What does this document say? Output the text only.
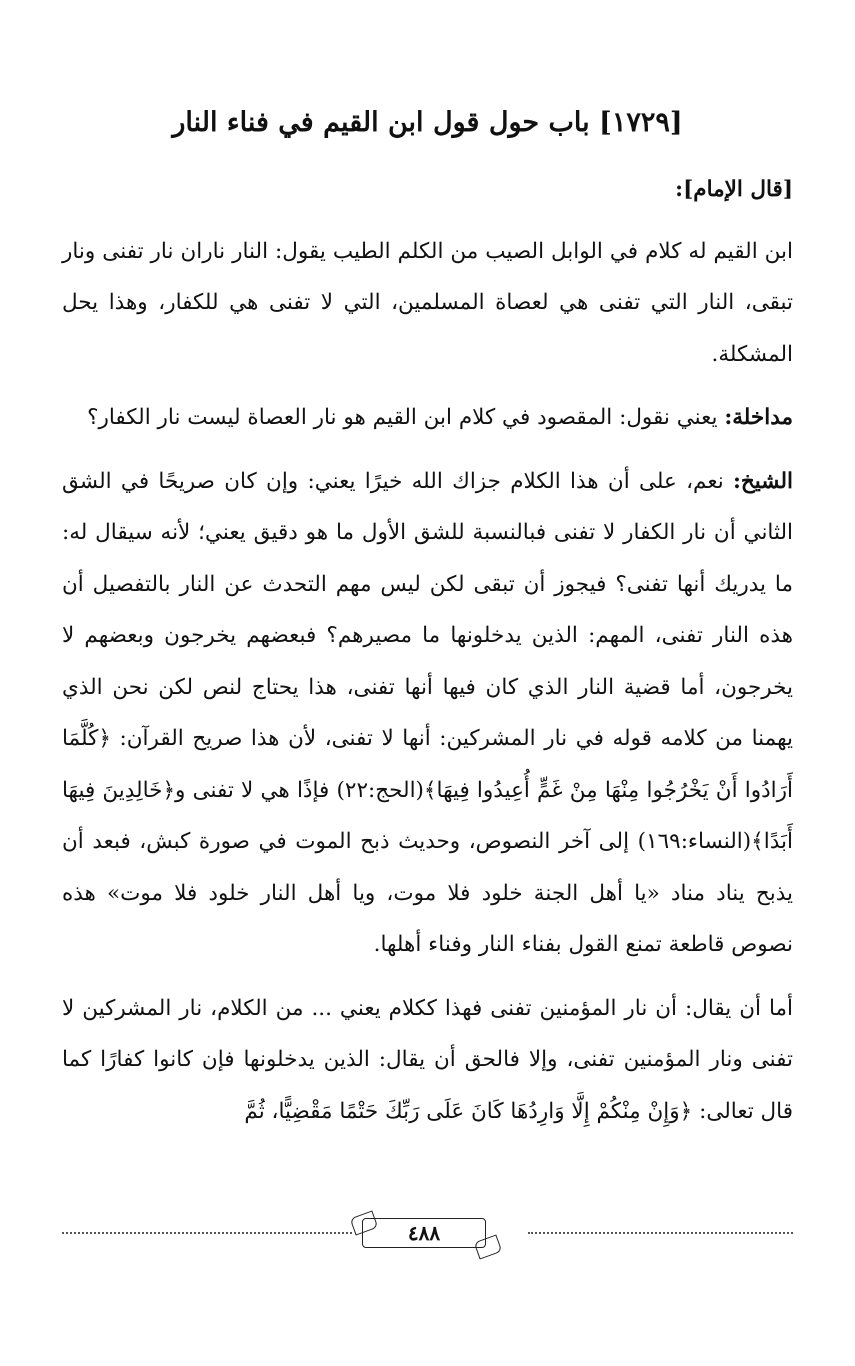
[١٧٢٩] باب حول قول ابن القيم في فناء النار
[قال الإمام]:

ابن القيم له كلام في الوابل الصيب من الكلم الطيب يقول: النار ناران نار تفنى ونار تبقى، النار التي تفنى هي لعصاة المسلمين، التي لا تفنى هي للكفار، وهذا يحل المشكلة.

مداخلة: يعني نقول: المقصود في كلام ابن القيم هو نار العصاة ليست نار الكفار؟

الشيخ: نعم، على أن هذا الكلام جزاك الله خيرًا يعني: وإن كان صريحًا في الشق الثاني أن نار الكفار لا تفنى فبالنسبة للشق الأول ما هو دقيق يعني؛ لأنه سيقال له: ما يدريك أنها تفنى؟ فيجوز أن تبقى لكن ليس مهم التحدث عن النار بالتفصيل أن هذه النار تفنى، المهم: الذين يدخلونها ما مصيرهم؟ فبعضهم يخرجون وبعضهم لا يخرجون، أما قضية النار الذي كان فيها أنها تفنى، هذا يحتاج لنص لكن نحن الذي يهمنا من كلامه قوله في نار المشركين: أنها لا تفنى، لأن هذا صريح القرآن: ﴿كُلَّمَا أَرَادُوا أَنْ يَخْرُجُوا مِنْهَا مِنْ غَمٍّ أُعِيدُوا فِيهَا﴾(الحج:٢٢) فإذًا هي لا تفنى و﴿خَالِدِينَ فِيهَا أَبَدًا﴾(النساء:١٦٩) إلى آخر النصوص، وحديث ذبح الموت في صورة كبش، فبعد أن يذبح يناد مناد «يا أهل الجنة خلود فلا موت، ويا أهل النار خلود فلا موت» هذه نصوص قاطعة تمنع القول بفناء النار وفناء أهلها.

أما أن يقال: أن نار المؤمنين تفنى فهذا ككلام يعني ... من الكلام، نار المشركين لا تفنى ونار المؤمنين تفنى، وإلا فالحق أن يقال: الذين يدخلونها فإن كانوا كفارًا كما قال تعالى: ﴿وَإِنْ مِنْكُمْ إِلَّا وَارِدُهَا كَانَ عَلَى رَبِّكَ حَتْمًا مَقْضِيًّا، ثُمَّ

٤٨٨
